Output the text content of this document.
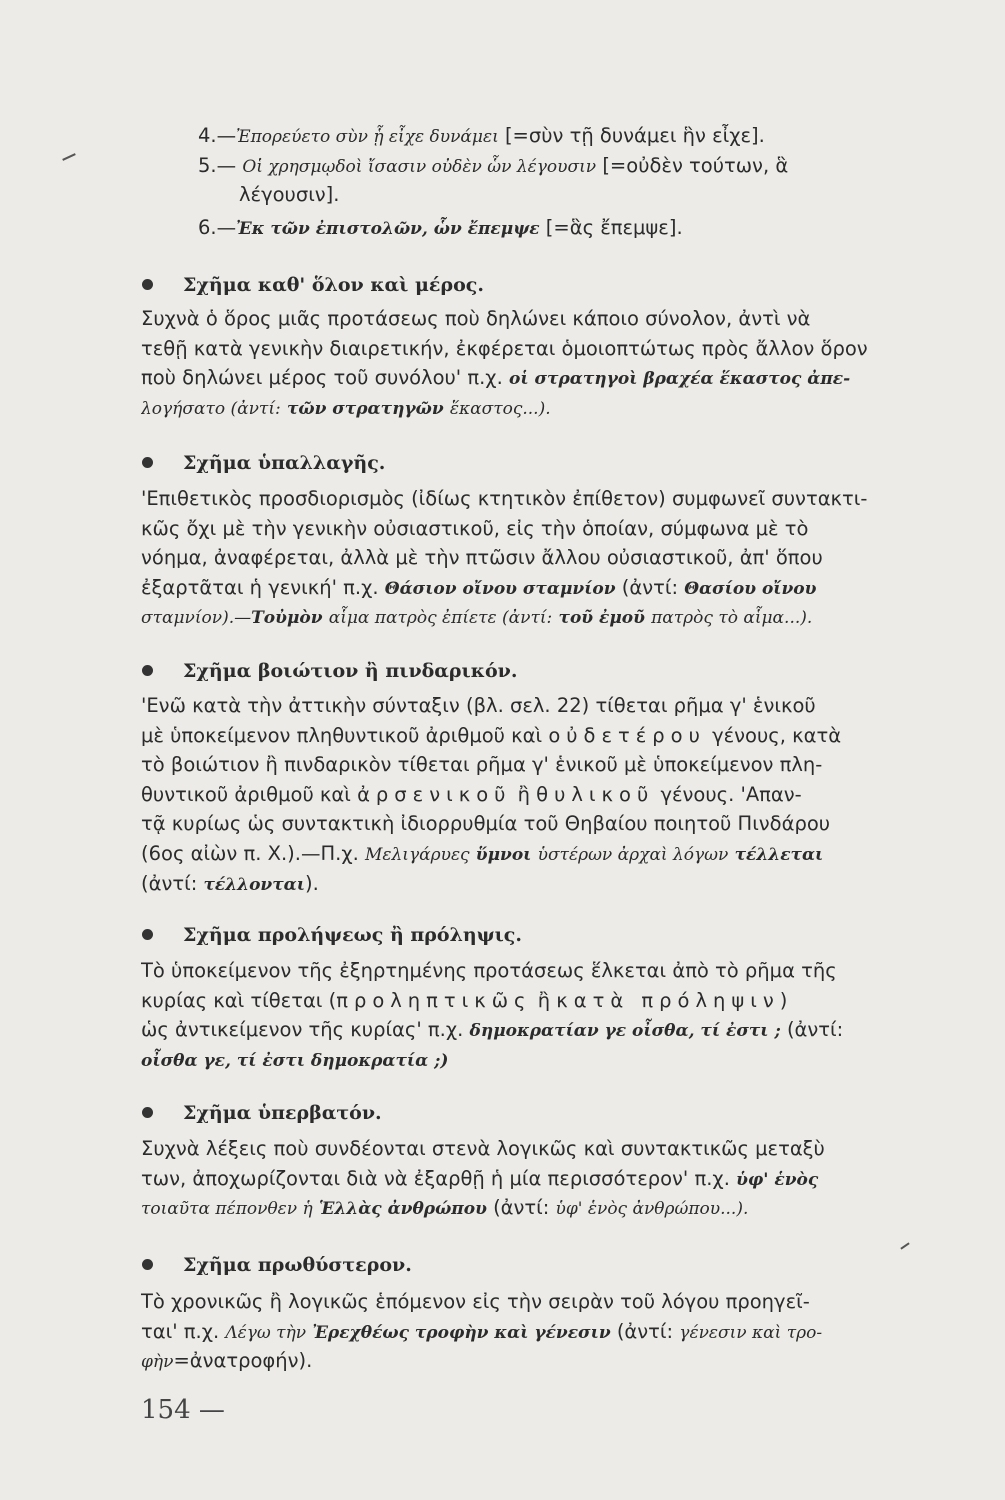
4.—Ἐπορεύετο σὺν ᾗ εἶχε δυνάμει [=σὺν τῇ δυνάμει ἣν εἶχε].
5.— Οἱ χρησμῳδοὶ ἴσασιν οὐδὲν ὧν λέγουσιν [=οὐδὲν τούτων, ἃ
λέγουσιν].
6.—Ἐκ τῶν ἐπιστολῶν, ὧν ἔπεμψε [=ἃς ἔπεμψε].
Σχῆμα καθ' ὅλον καὶ μέρος.
Συχνὰ ὁ ὅρος μιᾶς προτάσεως ποὺ δηλώνει κάποιο σύνολον, ἀντὶ νὰ
τεθῇ κατὰ γενικὴν διαιρετικήν, ἐκφέρεται ὁμοιοπτώτως πρὸς ἄλλον ὅρον
ποὺ δηλώνει μέρος τοῦ συνόλου' π.χ. οἱ στρατηγοὶ βραχέα ἕκαστος ἀπε-
λογήσατο (ἀντί: τῶν στρατηγῶν ἕκαστος...).
Σχῆμα ὑπαλλαγῆς.
'Επιθετικὸς προσδιορισμὸς (ἰδίως κτητικὸν ἐπίθετον) συμφωνεῖ συντακτι-
κῶς ὄχι μὲ τὴν γενικὴν οὐσιαστικοῦ, εἰς τὴν ὁποίαν, σύμφωνα μὲ τὸ
νόημα, ἀναφέρεται, ἀλλὰ μὲ τὴν πτῶσιν ἄλλου οὐσιαστικοῦ, ἀπ' ὅπου
ἐξαρτᾶται ἡ γενική' π.χ. Θάσιον οἴνου σταμνίον (ἀντί: Θασίου οἴνου
σταμνίον).—Τοὐμὸν αἷμα πατρὸς ἐπίετε (ἀντί: τοῦ ἐμοῦ πατρὸς τὸ αἷμα...).
Σχῆμα βοιώτιον ἢ πινδαρικόν.
'Ενῶ κατὰ τὴν ἀττικὴν σύνταξιν (βλ. σελ. 22) τίθεται ρῆμα γ' ἑνικοῦ
μὲ ὑποκείμενον πληθυντικοῦ ἀριθμοῦ καὶ οὐδετέρου γένους, κατὰ
τὸ βοιώτιον ἢ πινδαρικὸν τίθεται ρῆμα γ' ἑνικοῦ μὲ ὑποκείμενον πλη-
θυντικοῦ ἀριθμοῦ καὶ ἀρσενικοῦ ἢ θυλικοῦ γένους. 'Απαν-
τᾷ κυρίως ὡς συντακτικὴ ἰδιορρυθμία τοῦ Θηβαίου ποιητοῦ Πινδάρου
(6ος αἰὼν π. Χ.).—Π.χ. Μελιγάρυες ὕμνοι ὑστέρων ἀρχαὶ λόγων τέλλεται
(ἀντί: τέλλονται).
Σχῆμα προλήψεως ἢ πρόληψις.
Τὸ ὑποκείμενον τῆς ἐξηρτημένης προτάσεως ἕλκεται ἀπὸ τὸ ρῆμα τῆς
κυρίας καὶ τίθεται (προληπτικῶς ἢ κατὰ πρόληψιν)
ὡς ἀντικείμενον τῆς κυρίας' π.χ. δημοκρατίαν γε οἶσθα, τί ἐστι ; (ἀντί:
οἶσθα γε, τί ἐστι δημοκρατία ;)
Σχῆμα ὑπερβατόν.
Συχνὰ λέξεις ποὺ συνδέονται στενὰ λογικῶς καὶ συντακτικῶς μεταξὺ
των, ἀποχωρίζονται διὰ νὰ ἐξαρθῇ ἡ μία περισσότερον' π.χ. ὑφ' ἑνὸς
τοιαῦτα πέπονθεν ἡ Ἑλλὰς ἀνθρώπου (ἀντί: ὑφ' ἑνὸς ἀνθρώπου...).
Σχῆμα πρωθύστερον.
Τὸ χρονικῶς ἢ λογικῶς ἑπόμενον εἰς τὴν σειρὰν τοῦ λόγου προηγεῖ-
ται' π.χ. Λέγω τὴν Ἐρεχθέως τροφὴν καὶ γένεσιν (ἀντί: γένεσιν καὶ τρο-
φὴν=ἀνατροφήν).
154 —
